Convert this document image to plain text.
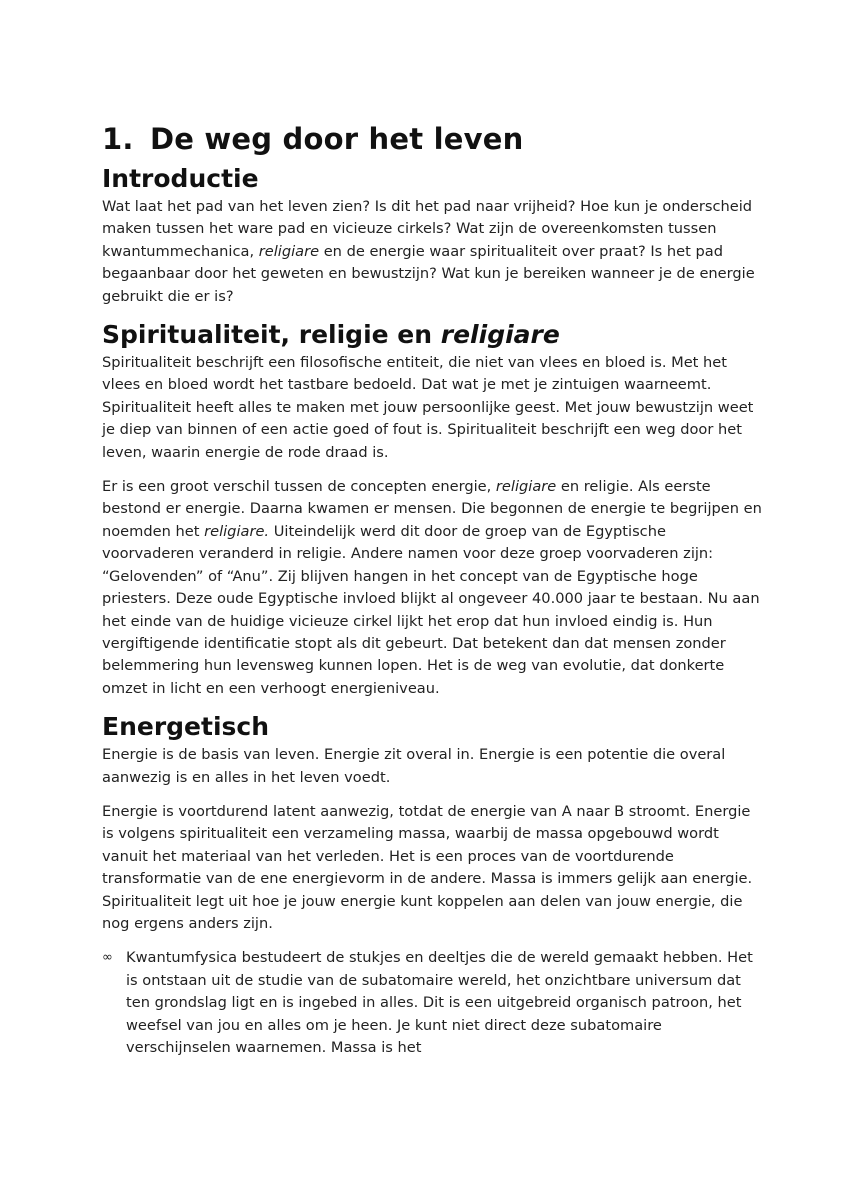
1. De weg door het leven
Introductie

Wat laat het pad van het leven zien? Is dit het pad naar vrijheid? Hoe kun je onderscheid maken tussen het ware pad en vicieuze cirkels? Wat zijn de overeenkomsten tussen kwantummechanica, religiare en de energie waar spiritualiteit over praat? Is het pad begaanbaar door het geweten en bewustzijn? Wat kun je bereiken wanneer je de energie gebruikt die er is?

Spiritualiteit, religie en religiare

Spiritualiteit beschrijft een filosofische entiteit, die niet van vlees en bloed is. Met het vlees en bloed wordt het tastbare bedoeld. Dat wat je met je zintuigen waarneemt. Spiritualiteit heeft alles te maken met jouw persoonlijke geest. Met jouw bewustzijn weet je diep van binnen of een actie goed of fout is. Spiritualiteit beschrijft een weg door het leven, waarin energie de rode draad is.

Er is een groot verschil tussen de concepten energie, religiare en religie. Als eerste bestond er energie. Daarna kwamen er mensen. Die begonnen de energie te begrijpen en noemden het religiare. Uiteindelijk werd dit door de groep van de Egyptische voorvaderen veranderd in religie. Andere namen voor deze groep voorvaderen zijn: “Gelovenden” of “Anu”. Zij blijven hangen in het concept van de Egyptische hoge priesters. Deze oude Egyptische invloed blijkt al ongeveer 40.000 jaar te bestaan. Nu aan het einde van de huidige vicieuze cirkel lijkt het erop dat hun invloed eindig is. Hun vergiftigende identificatie stopt als dit gebeurt. Dat betekent dan dat mensen zonder belemmering hun levensweg kunnen lopen. Het is de weg van evolutie, dat donkerte omzet in licht en een verhoogt energieniveau.

Energetisch

Energie is de basis van leven. Energie zit overal in. Energie is een potentie die overal aanwezig is en alles in het leven voedt.

Energie is voortdurend latent aanwezig, totdat de energie van A naar B stroomt. Energie is volgens spiritualiteit een verzameling massa, waarbij de massa opgebouwd wordt vanuit het materiaal van het verleden. Het is een proces van de voortdurende transformatie van de ene energievorm in de andere. Massa is immers gelijk aan energie. Spiritualiteit legt uit hoe je jouw energie kunt koppelen aan delen van jouw energie, die nog ergens anders zijn.

∞ Kwantumfysica bestudeert de stukjes en deeltjes die de wereld gemaakt hebben. Het is ontstaan uit de studie van de subatomaire wereld, het onzichtbare universum dat ten grondslag ligt en is ingebed in alles. Dit is een uitgebreid organisch patroon, het weefsel van jou en alles om je heen. Je kunt niet direct deze subatomaire verschijnselen waarnemen. Massa is het
